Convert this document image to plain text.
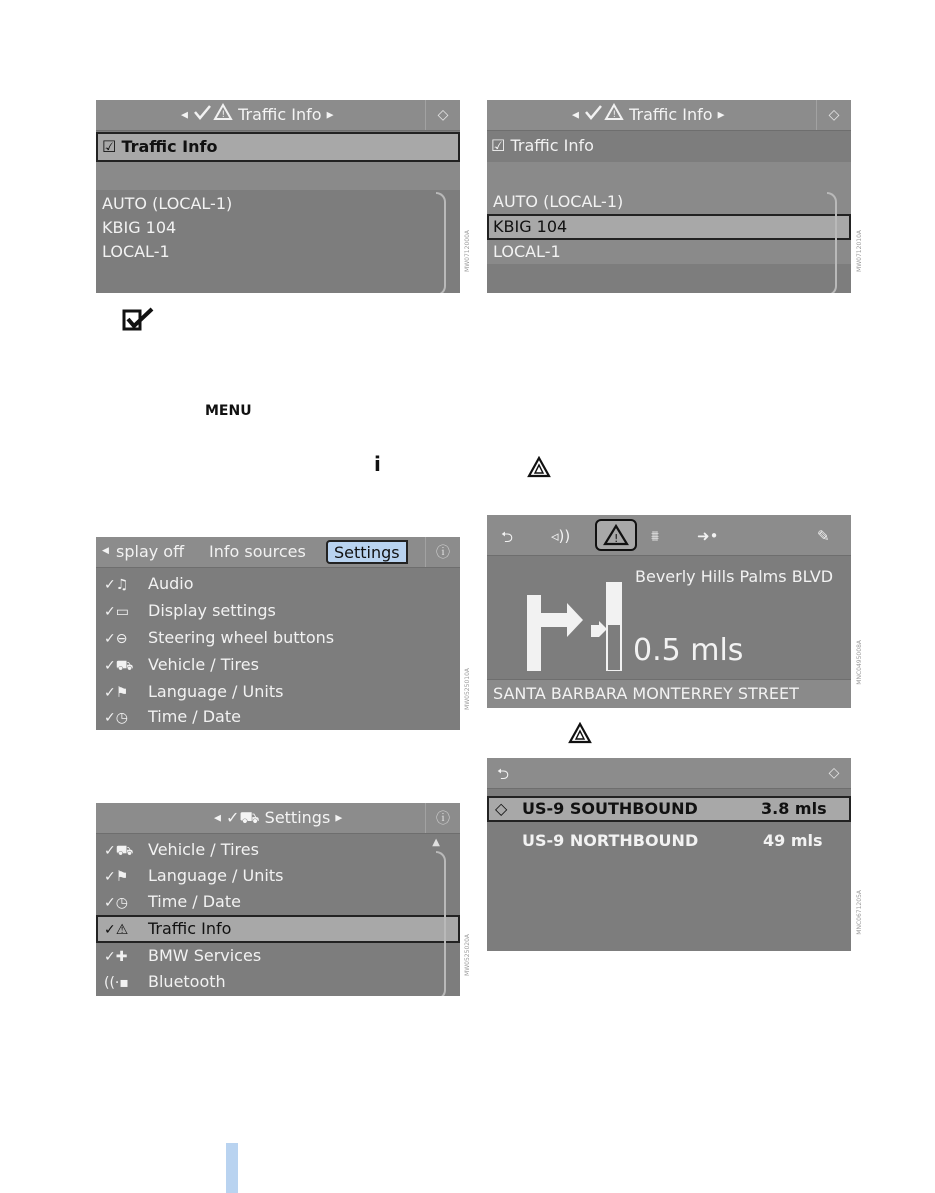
◀	! Traffic Info ▶	◇
☑ Traffic Info
AUTO (LOCAL-1)
KBIG 104
LOCAL-1
◀	! Traffic Info ▶	◇
☑ Traffic Info
AUTO (LOCAL-1)
KBIG 104
LOCAL-1
MENU
i
◀ splay off Info sources	Settings	ⓘ
✓♫ Audio
✓▭ Display settings
✓⊖ Steering wheel buttons
✓⛟ Vehicle / Tires
✓⚑ Language / Units
✓◷ Time / Date
◀ ✓⛟ Settings ▶	ⓘ
✓⛟ Vehicle / Tires
✓⚑ Language / Units
✓◷ Time / Date
✓⚠ Traffic Info
✓✚ BMW Services
((·▪ Bluetooth
▲
⮌	◃))	! ⩩	➜•	✎
Beverly Hills Palms BLVD
0.5 mls
SANTA BARBARA MONTERREY STREET
⮌	◇
◇ US-9 SOUTHBOUND	3.8 mls
US-9 NORTHBOUND	49 mls
MW0712000A	MW0712010A
MW0525010A
MNC0495008A
MW0525020A
MNC0671205A
